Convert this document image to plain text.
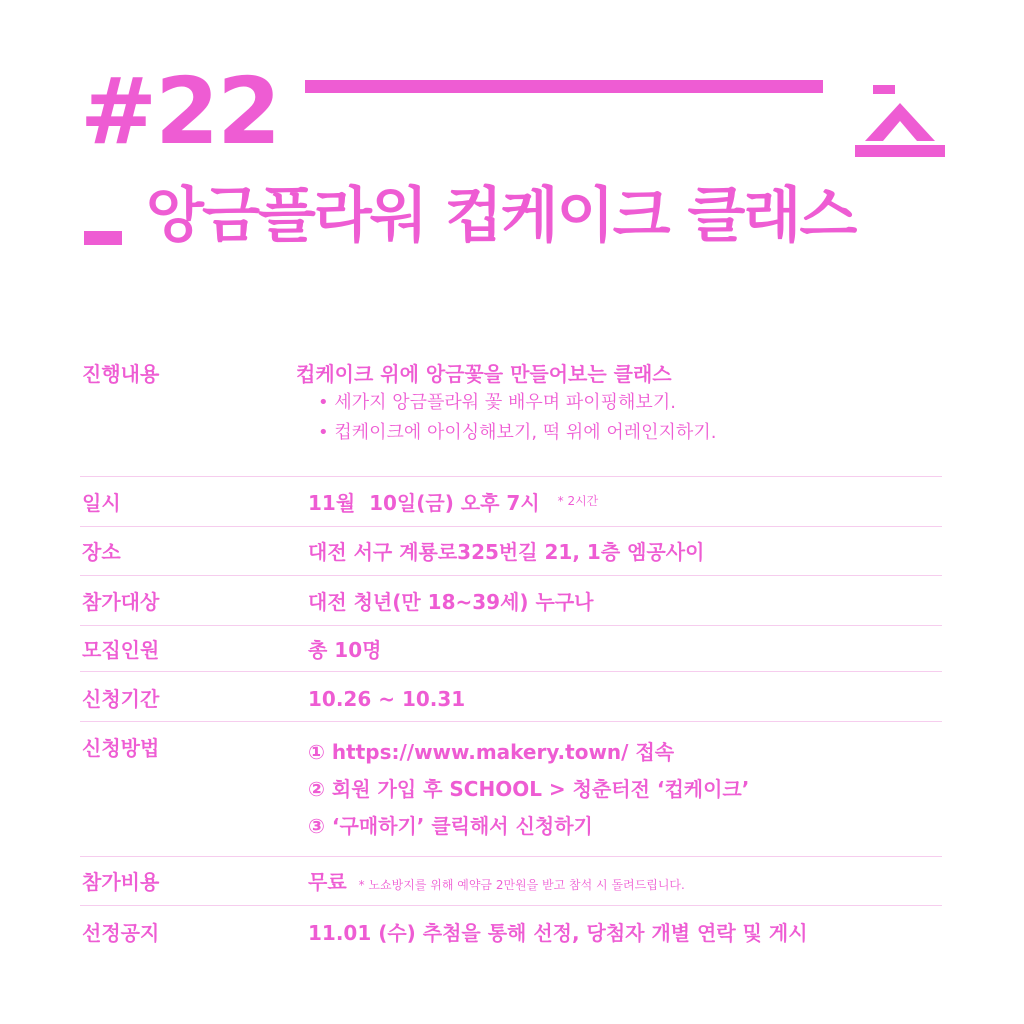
#22
앙금플라워 컵케이크 클래스
진행내용	컵케이크 위에 앙금꽃을 만들어보는 클래스
• 세가지 앙금플라워 꽃 배우며 파이핑해보기.
• 컵케이크에 아이싱해보기, 떡 위에 어레인지하기.
일시	11월  10일(금) 오후 7시 $^{* 2시간}$
장소	대전 서구 계룡로325번길 21, 1층 엠공사이
참가대상	대전 청년(만 18~39세) 누구나
모집인원	총 10명
신청기간	10.26 ~ 10.31
신청방법	① https://www.makery.town/ 접속
② 회원 가입 후 SCHOOL > 청춘터전 ‘컵케이크’
③ ‘구매하기’ 클릭해서 신청하기
참가비용	무료 * 노쇼방지를 위해 예약금 2만원을 받고 참석 시 돌려드립니다.
선정공지	11.01 (수) 추첨을 통해 선정, 당첨자 개별 연락 및 게시
